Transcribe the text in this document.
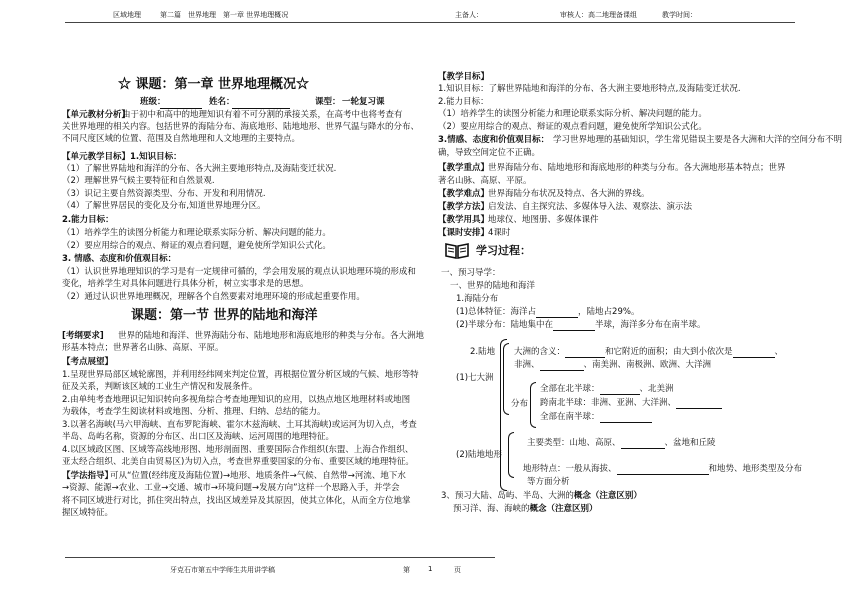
区域地理	第二篇　世界地理　第一章 世界地理概况	主备人：	审核人：高二地理备课组	教学时间：
☆ 课题：第一章 世界地理概况☆
班级：	姓名：	课型： 一轮复习课
【单元教材分析】
由于初中和高中的地理知识有着不可分割的承接关系，在高考中也将考查有
关世界地理的相关内容。包括世界的海陆分布、海底地形、陆地地形、世界气温与降水的分布、
不同尺度区域的位置、范围及自然地理和人文地理的主要特点。
【单元教学目标】 1.知识目标：
（1）了解世界陆地和海洋的分布、各大洲主要地形特点,及海陆变迁状况.
（2）理解世界气候主要特征和自然景观.
（3）识记主要自然资源类型、分布、开发和利用情况.
（4）了解世界居民的变化及分布,知道世界地理分区。
2.能力目标：
（1）培养学生的读图分析能力和理论联系实际分析、解决问题的能力。
（2）要应用综合的观点、辩证的观点看问题，避免使所学知识公式化。
3. 情感、态度和价值观目标：
（1）认识世界地理知识的学习是有一定规律可循的，学会用发展的观点认识地理环境的形成和
变化，培养学生对具体问题进行具体分析，树立实事求是的思想。
（2）通过认识世界地理概况，理解各个自然要素对地理环境的形成起重要作用。
课题：第一节 世界的陆地和海洋
[考纲要求] 世界的陆地和海洋、世界海陆分布、陆地地形和海底地形的种类与分布。各大洲地
形基本特点；世界著名山脉、高原、平原。
【考点展望】
1.呈现世界局部区域轮廓图，并利用经纬网来判定位置，再根据位置分析区域的气候、地形等特
征及关系，判断该区域的工业生产情况和发展条件。
2.由单纯考查地理识记知识转向多视角综合考查地理知识的应用，以热点地区地理材料或地图
为载体，考查学生阅读材料或地图、分析、推理、归纳、总结的能力。
3.以著名海峡(马六甲海峡、直布罗陀海峡、霍尔木兹海峡、土耳其海峡)或运河为切入点，考查
半岛、岛屿名称，资源的分布区、出口区及海峡、运河周围的地理特征。
4.以区域政区图、区域等高线地形图、地形剖面图、重要国际合作组织(东盟、上海合作组织、
亚太经合组织、北美自由贸易区)为切入点，考查世界重要国家的分布、重要区域的地理特征。
【学法指导】
可从“位置(经纬度及海陆位置)→地形、地质条件→气候、自然带→河流、地下水
→资源、能源→农业、工业→交通、城市→环境问题→发展方向”这样一个思路入手，并学会
将不同区域进行对比，抓住突出特点，找出区域差异及其原因，使其立体化，从而全方位地掌
握区域特征。
【教学目标】
1.知识目标：了解世界陆地和海洋的分布、各大洲主要地形特点,及海陆变迁状况.
2.能力目标：
（1）培养学生的读图分析能力和理论联系实际分析、解决问题的能力。
（2）要应用综合的观点、辩证的观点看问题，避免使所学知识公式化。
3.情感、态度和价值观目标： 学习世界地理的基础知识，学生常见错误主要是各大洲和大洋的空间分布不明
确，导致空间定位不正确。
【教学重点】
世界海陆分布、陆地地形和海底地形的种类与分布。各大洲地形基本特点；世界
著名山脉、高原、平原。
【教学难点】
世界海陆分布状况及特点、各大洲的界线。
【教学方法】
启发法、自主探究法、多媒体导入法、观察法、演示法
【教学用具】
地球仪、地图册、多媒体课件
【课时安排】
4课时
学习过程：
一、预习导学：
一、世界的陆地和海洋
1.海陆分布
(1)总体特征：海洋占	，陆地占29%。
(2)半球分布：陆地集中在	半球，海洋多分布在南半球。
2.陆地
(1)七大洲
大洲的含义：	和它附近的面积；由大到小依次是	、
非洲、	、南美洲、南极洲、欧洲、大洋洲
分布
全部在北半球：	、北美洲
跨南北半球：非洲、亚洲、大洋洲、
全部在南半球：
(2)陆地地形
主要类型：山地、高原、	、盆地和丘陵
地形特点：一般从海拔、	和地势、地形类型及分布
等方面分析
3、预习大陆、岛屿、半岛、大洲的概念（注意区别）
预习洋、海、海峡的概念（注意区别）
牙克石市第五中学师生共用讲学稿	第	1	页
